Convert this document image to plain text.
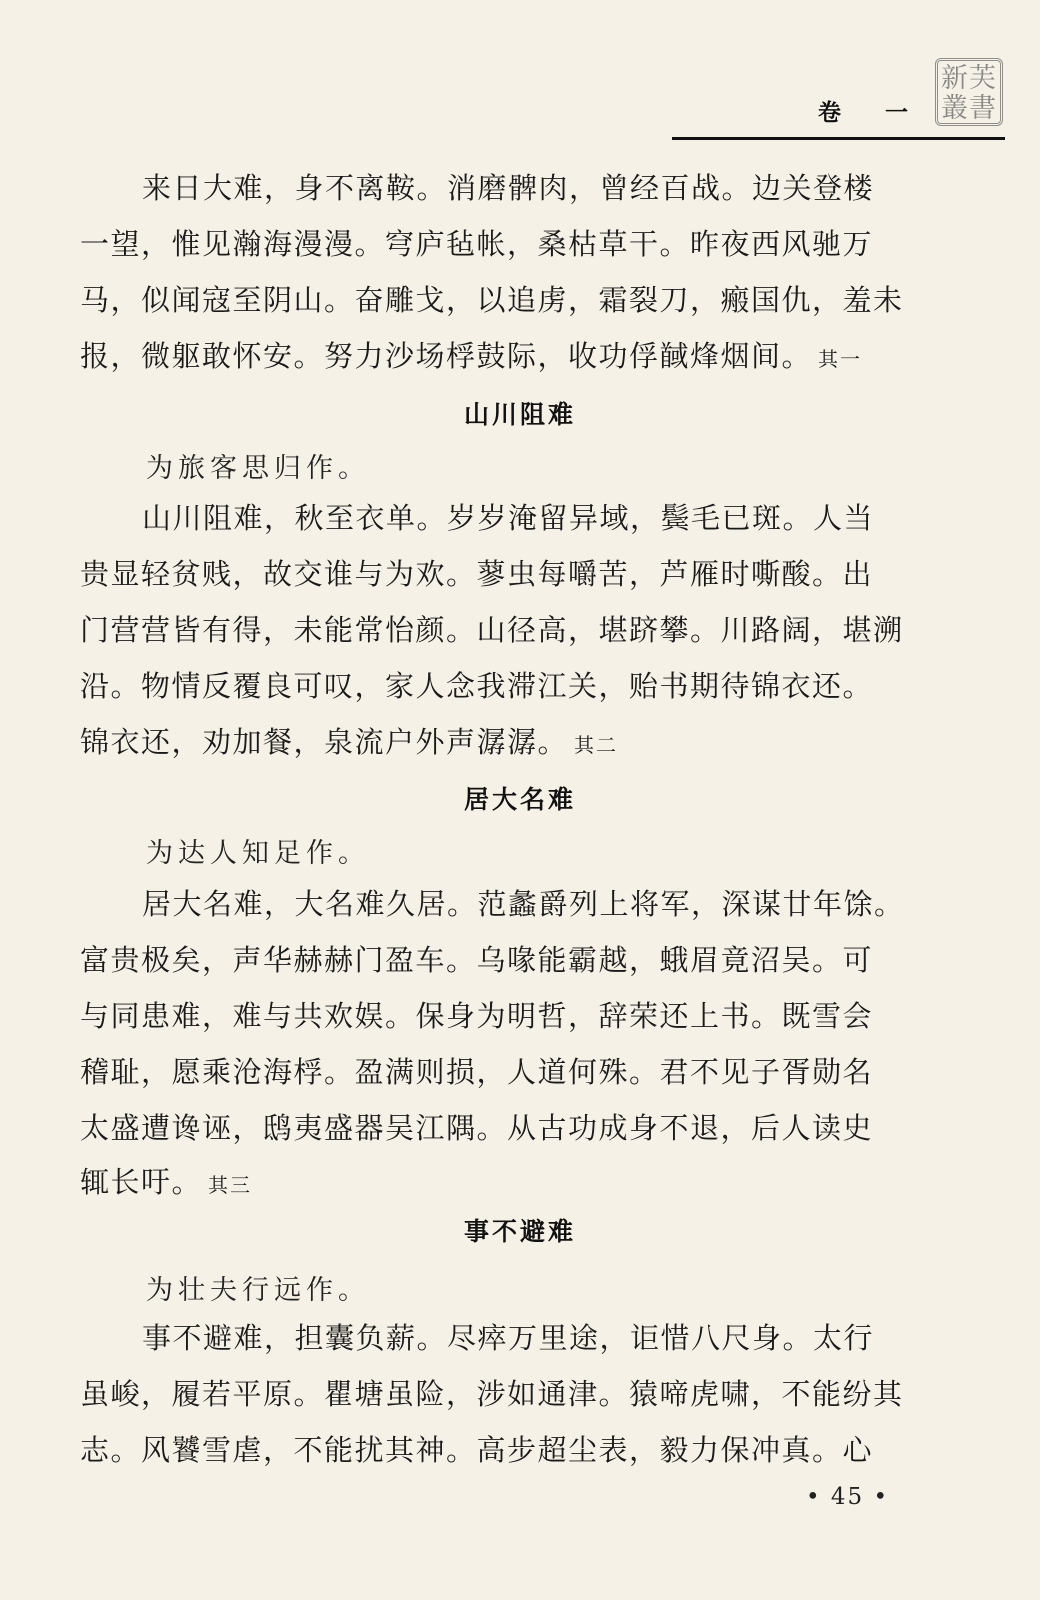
新芙
叢書
卷 一
来日大难，身不离鞍。消磨髀肉，曾经百战。边关登楼
一望，惟见瀚海漫漫。穹庐毡帐，桑枯草干。昨夜西风驰万
马，似闻寇至阴山。奋雕戈，以追虏，霜裂刀，瘢国仇，羞未
报，微躯敢怀安。努力沙场桴鼓际，收功俘馘烽烟间。 其一
山川阻难
为旅客思归作。
山川阻难，秋至衣单。岁岁淹留异域，鬓毛已斑。人当
贵显轻贫贱，故交谁与为欢。蓼虫每嚼苦，芦雁时嘶酸。出
门营营皆有得，未能常怡颜。山径高，堪跻攀。川路阔，堪溯
沿。物情反覆良可叹，家人念我滞江关，贻书期待锦衣还。
锦衣还，劝加餐，泉流户外声潺潺。 其二
居大名难
为达人知足作。
居大名难，大名难久居。范蠡爵列上将军，深谋廿年馀。
富贵极矣，声华赫赫门盈车。乌喙能霸越，蛾眉竟沼吴。可
与同患难，难与共欢娱。保身为明哲，辞荣还上书。既雪会
稽耻，愿乘沧海桴。盈满则损，人道何殊。君不见子胥勋名
太盛遭谗诬，鸱夷盛器吴江隅。从古功成身不退，后人读史
辄长吁。 其三
事不避难
为壮夫行远作。
事不避难，担囊负薪。尽瘁万里途，讵惜八尺身。太行
虽峻，履若平原。瞿塘虽险，涉如通津。猿啼虎啸，不能纷其
志。风饕雪虐，不能扰其神。高步超尘表，毅力保冲真。心
• 45 •
